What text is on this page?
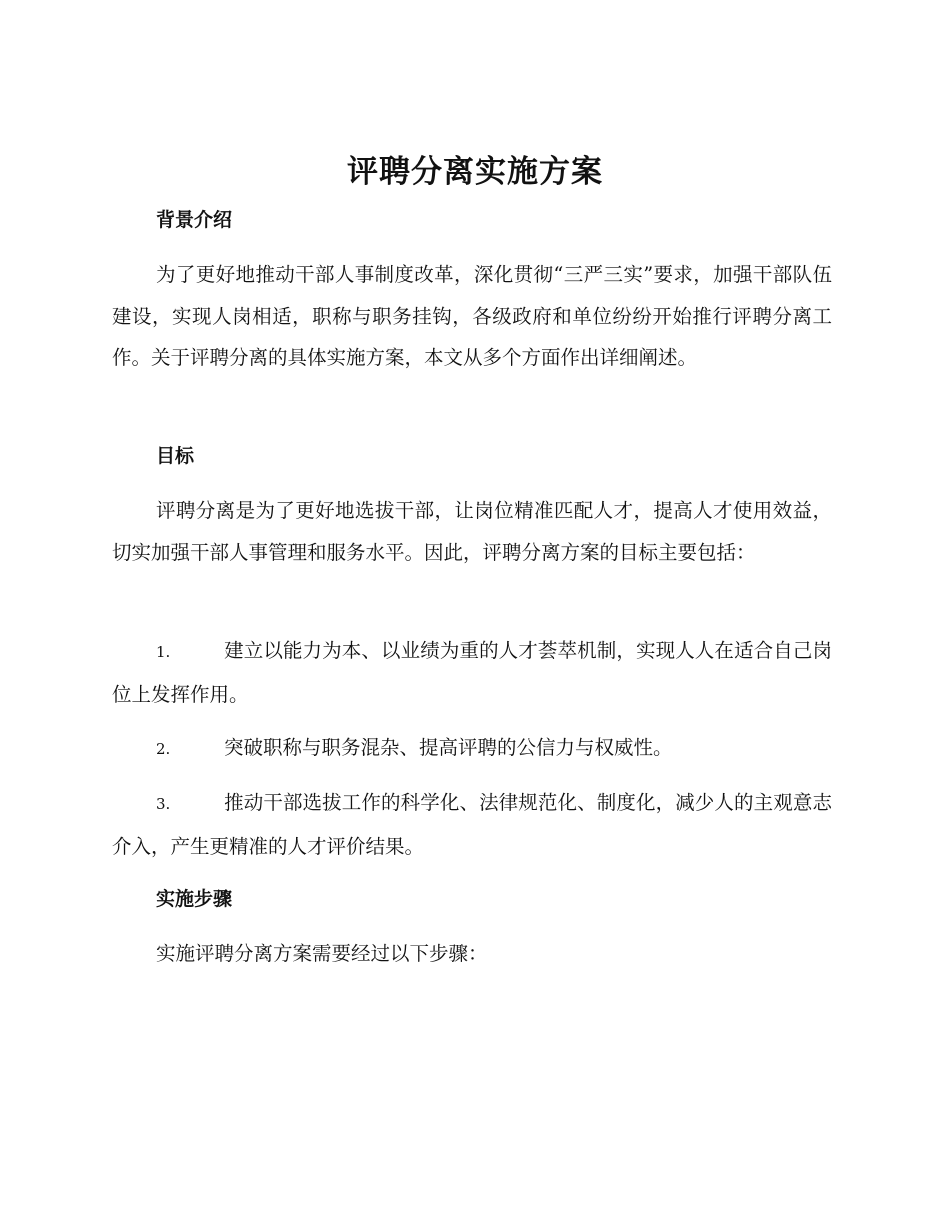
评聘分离实施方案
背景介绍

为了更好地推动干部人事制度改革，深化贯彻“三严三实”要求，加强干部队伍建设，实现人岗相适，职称与职务挂钩，各级政府和单位纷纷开始推行评聘分离工作。关于评聘分离的具体实施方案，本文从多个方面作出详细阐述。

目标

评聘分离是为了更好地选拔干部，让岗位精准匹配人才，提高人才使用效益，切实加强干部人事管理和服务水平。因此，评聘分离方案的目标主要包括：

1.	建立以能力为本、以业绩为重的人才荟萃机制，实现人人在适合自己岗位上发挥作用。

2.	突破职称与职务混杂、提高评聘的公信力与权威性。

3.	推动干部选拔工作的科学化、法律规范化、制度化，减少人的主观意志介入，产生更精准的人才评价结果。

实施步骤

实施评聘分离方案需要经过以下步骤：
